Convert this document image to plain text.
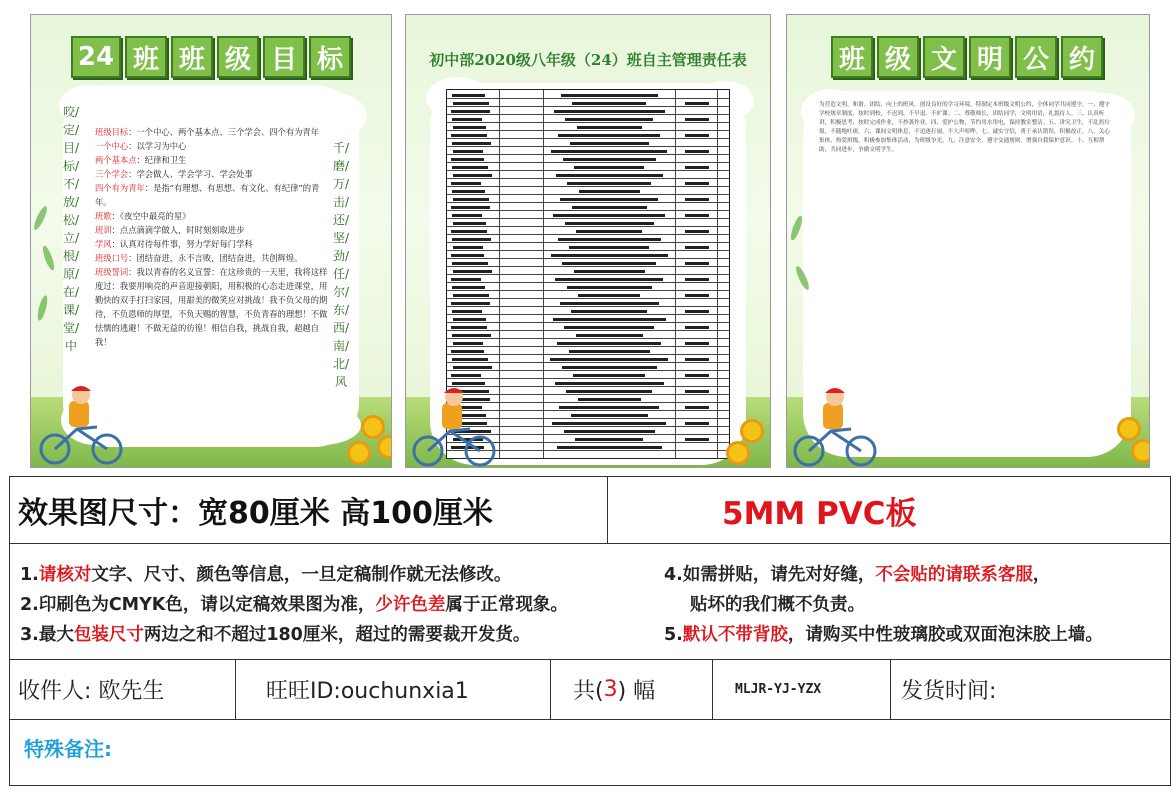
24 班 班 级 目 标
咬/定/目/标/不/放/松/ 立/根/原/在/课/堂/中
千/磨/万/击/还/坚/劲/ 任/尔/东/西/南/北/风
班级目标：一个中心、两个基本点、三个学会、四个有为青年
一个中心：以学习为中心
两个基本点：纪律和卫生
三个学会：学会做人、学会学习、学会处事
四个有为青年：是指“有理想、有思想、有文化、有纪律”的青年。
班歌：《夜空中最亮的星》
班训：点点滴滴学做人，时时刻刻取进步
学风：认真对待每件事，努力学好每门学科
班级口号：团结奋进，永不言败，团结奋进，共创辉煌。
班级誓词：我以青春的名义宣誓：在这珍贵的一天里，我将这样度过：我要用响亮的声音迎接朝阳，用积极的心态走进课堂，用勤快的双手打扫家园，用甜美的微笑应对挑战！我不负父母的期待，不负恩师的厚望，不负天赐的智慧，不负青春的理想！不做怯懦的逃避！不做无益的彷徨！相信自我，挑战自我，超越自我！
初中部2020级八年级（24）班自主管理责任表	班 级 文 明 公 约
为营造文明、和谐、团结、向上的班风，创设良好的学习环境，特制定本班级文明公约，全体同学共同遵守。一、遵守学校规章制度，按时到校，不迟到、不早退、不旷课。二、尊敬师长，团结同学，文明用语，礼貌待人。三、认真听讲，积极思考，按时完成作业，不抄袭作业。四、爱护公物，节约用水用电，保持教室整洁。五、讲究卫生，不乱扔垃圾，不随地吐痰。六、课间文明休息，不追逐打闹，不大声喧哗。七、诚实守信，勇于承认错误，积极改正。八、关心集体，热爱班级，积极参加集体活动，为班级争光。九、注意安全，遵守交通规则，增强自我保护意识。十、互相帮助，共同进步，争做文明学生。
效果图尺寸：宽80厘米 高100厘米	5MM PVC板
1.请核对文字、尺寸、颜色等信息，一旦定稿制作就无法修改。
2.印刷色为CMYK色，请以定稿效果图为准，少许色差属于正常现象。
3.最大包装尺寸两边之和不超过180厘米，超过的需要裁开发货。
4.如需拼贴，请先对好缝，不会贴的请联系客服，
贴坏的我们概不负责。
5.默认不带背胶，请购买中性玻璃胶或双面泡沫胶上墙。
收件人: 欧先生	旺旺ID:ouchunxia1	共( 3 ) 幅	MLJR-YJ-YZX	发货时间:
特殊备注:
